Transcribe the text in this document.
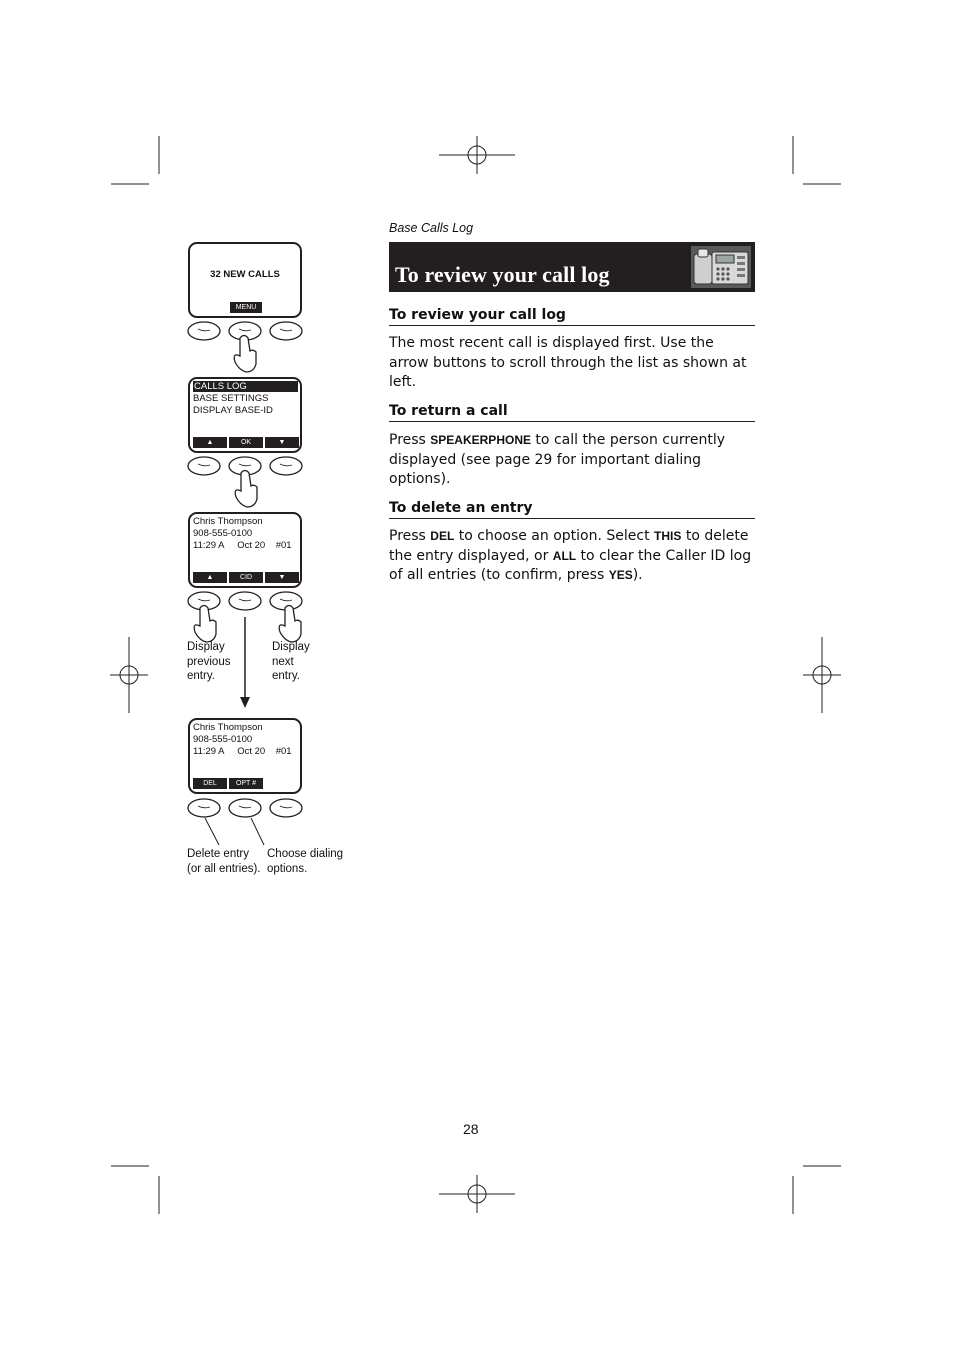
Base Calls Log
To review your call log
To review your call log
The most recent call is displayed first. Use the arrow buttons to scroll through the list as shown at left.
To return a call
Press SPEAKERPHONE to call the person currently displayed (see page 29 for important dialing options).
To delete an entry
Press DEL to choose an option. Select THIS to delete the entry displayed, or ALL to clear the Caller ID log of all entries (to confirm, press YES).
32 NEW CALLS
MENU
CALLS LOG
BASE SETTINGS
DISPLAY BASE-ID
▲	OK	▼
Chris Thompson
908-555-0100
11:29 A     Oct 20    #01
▲	CID	▼
Chris Thompson
908-555-0100
11:29 A     Oct 20    #01
DEL	OPT #
Display
previous
entry.
Display
next
entry.
Delete entry
(or all entries).
Choose dialing
options.
28
